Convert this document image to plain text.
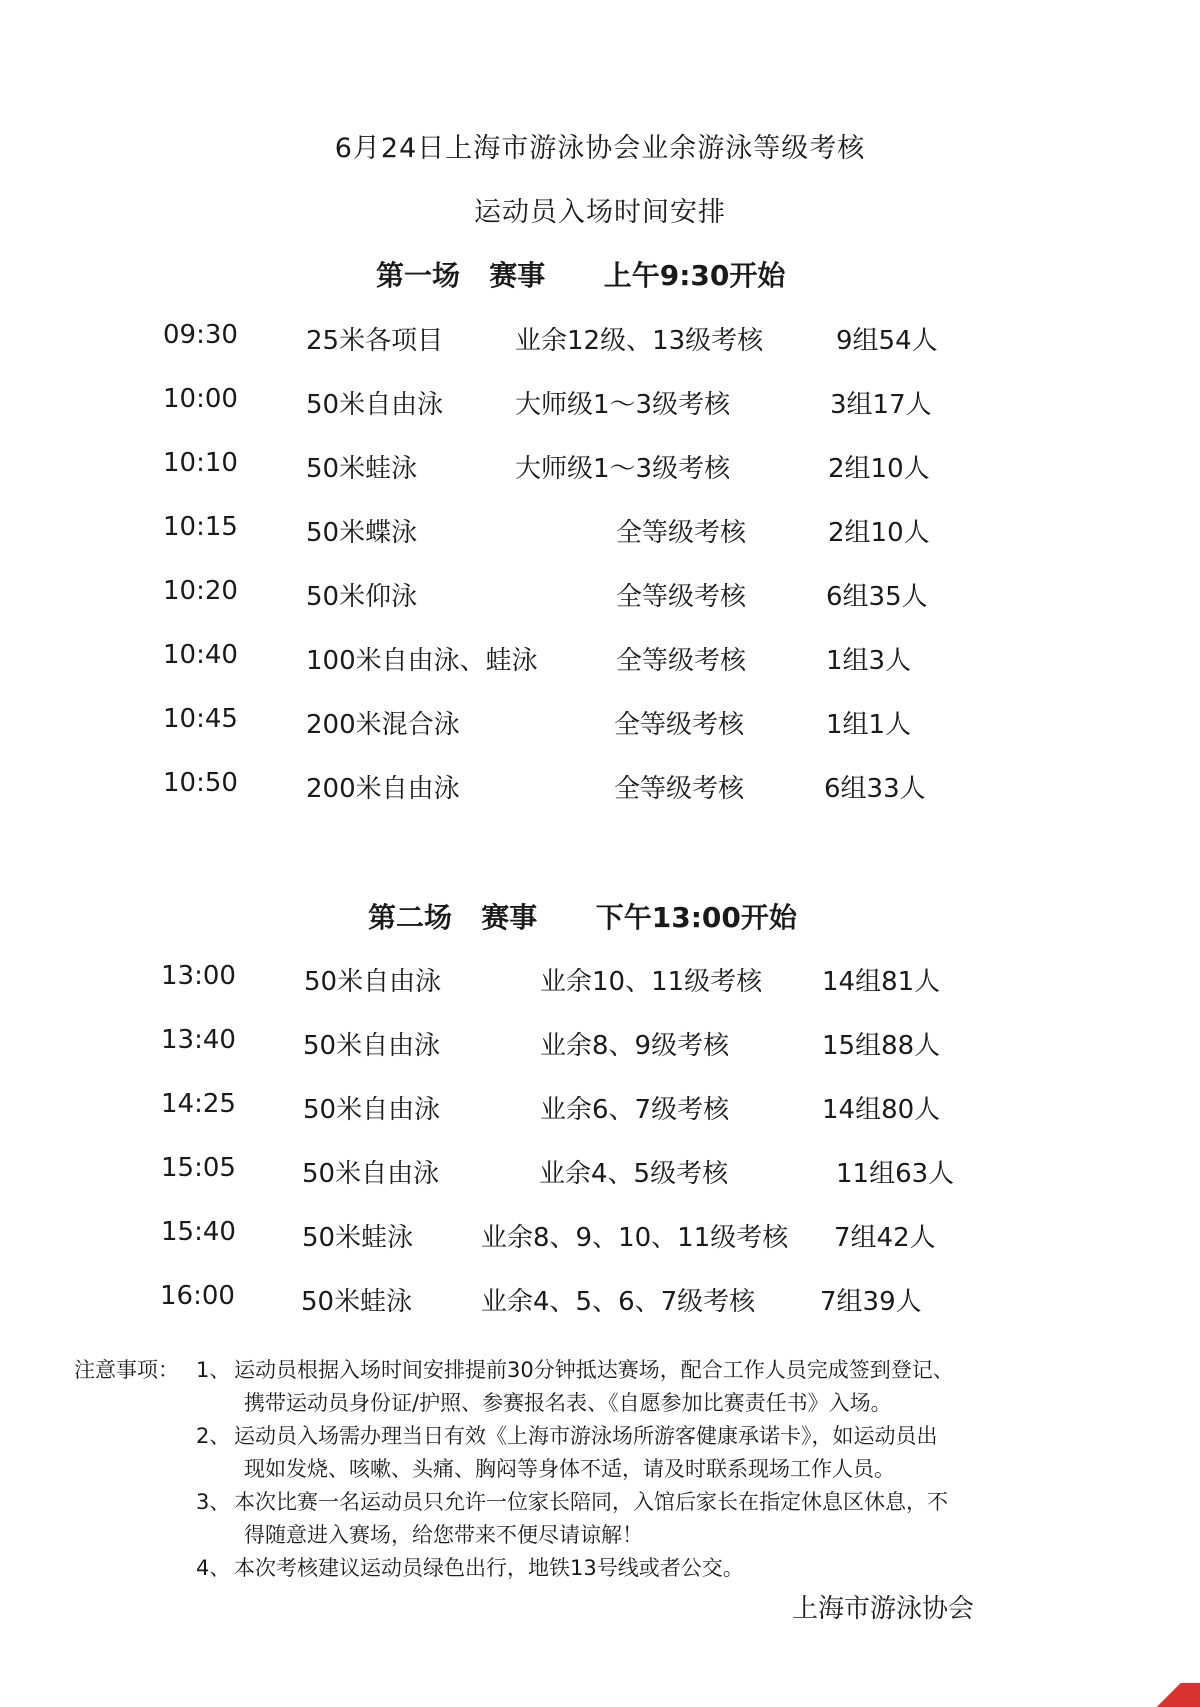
6月24日上海市游泳协会业余游泳等级考核
运动员入场时间安排
第一场   赛事      上午9:30开始
09:30	25米各项目	业余12级、13级考核	9组54人
10:00	50米自由泳	大师级1～3级考核	3组17人
10:10	50米蛙泳	大师级1～3级考核	2组10人
10:15	50米蝶泳	全等级考核	2组10人
10:20	50米仰泳	全等级考核	6组35人
10:40	100米自由泳、蛙泳	全等级考核	1组3人
10:45	200米混合泳	全等级考核	1组1人
10:50	200米自由泳	全等级考核	6组33人
第二场   赛事      下午13:00开始
13:00	50米自由泳	业余10、11级考核 14组81人
13:40	50米自由泳	业余8、9级考核	15组88人
14:25	50米自由泳	业余6、7级考核	14组80人
15:05	50米自由泳	业余4、5级考核	11组63人
15:40	50米蛙泳	业余8、9、10、11级考核 7组42人
16:00	50米蛙泳	业余4、5、6、7级考核 7组39人
注意事项： 1、 运动员根据入场时间安排提前30分钟抵达赛场，配合工作人员完成签到登记、
携带运动员身份证/护照、参赛报名表、《自愿参加比赛责任书》入场。
2、 运动员入场需办理当日有效《上海市游泳场所游客健康承诺卡》，如运动员出
现如发烧、咳嗽、头痛、胸闷等身体不适，请及时联系现场工作人员。
3、 本次比赛一名运动员只允许一位家长陪同，入馆后家长在指定休息区休息，不
得随意进入赛场，给您带来不便尽请谅解！
4、 本次考核建议运动员绿色出行，地铁13号线或者公交。
上海市游泳协会
